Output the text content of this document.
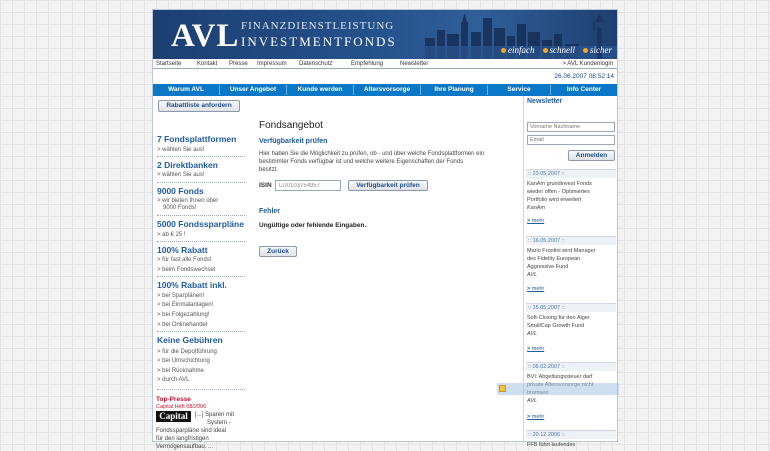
AVL FINANZDIENSTLEISTUNG
INVESTMENTFONDS
einfach schnell sicher
Startseite	Kontakt Presse Impressum Datenschutz	Empfehlung	Newsletter	> AVL Kundenlogin
26.06.2007 08:52:14
Warum AVL	Unser Angebot	Kunde werden	Altersvorsorge	Ihre Planung	Service	Info Center
Rabattliste anfordern
7 Fondsplattformen
> wählen Sie aus!
2 Direktbanken
> wählen Sie aus!
9000 Fonds
> wir bieten Ihnen über
9000 Fonds!
5000 Fondssparpläne
> ab € 25 !
100% Rabatt
> für fast alle Fonds!
> beim Fondswechsel
100% Rabatt inkl.
> bei Sparplänen!
> bei Einmalanlagen!
> bei Folgezahlung!
> bei Onlinehandel
Keine Gebühren
> für die Depotführung
> bei Umschichtung
> bei Rücknahme
> durch AVL
Top-Presse
Capital Heft 08/2006
Capital	[...] Sparen mit
System -
Fondssparpläne sind ideal
für den langfristigen
Vermögensaufbau. ...
Fondsangebot
Verfügbarkeit prüfen
Hier haben Sie die Möglichkeit zu prüfen, ob - und über welche Fondsplattformen ein
bestimmter Fonds verfügbar ist und welche weitere Eigenschaften der Fonds
besitzt.
ISIN
LU0103754957	Verfügbarkeit prüfen
Fehler
Ungültige oder fehlende Eingaben.
Zurück
Newsletter
Vorname Nachname
Email
Anmelden
:: 23.05.2007 ::
KanAm grundinvest Fonds
wieder offen - Optimiertes
Portfolio wird erweitert
KanAm
> mehr
:: 16.05.2007 ::
Mario Frontini wird Manager
des Fidelity European
Aggressive Fund
AVL
> mehr
:: 15.05.2007 ::
Soft-Closing für den Alger
SmallCap Growth Fund
AVL
> mehr
:: 06.02.2007 ::
BVI: Abgeltungssteuer darf
AVL
> mehr
:: 20.12.2006 ::
FFB führt laufendes
